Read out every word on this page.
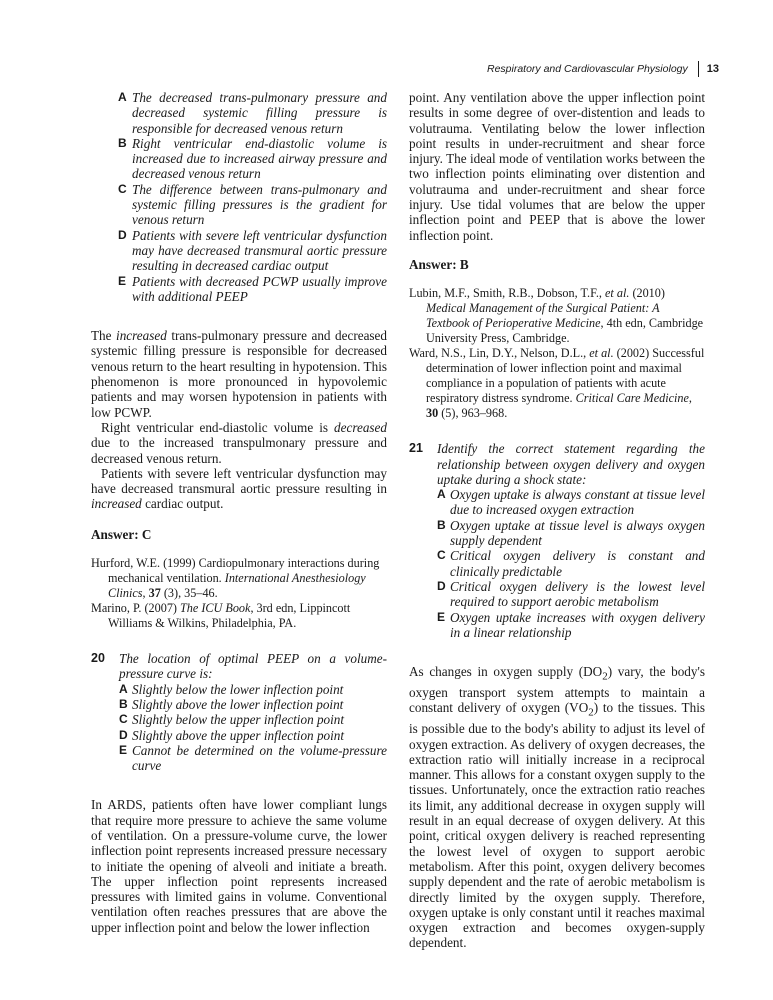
Respiratory and Cardiovascular Physiology 13
A The decreased trans-pulmonary pressure and decreased systemic filling pressure is responsible for decreased venous return
B Right ventricular end-diastolic volume is increased due to increased airway pressure and decreased venous return
C The difference between trans-pulmonary and systemic filling pressures is the gradient for venous return
D Patients with severe left ventricular dysfunction may have decreased transmural aortic pressure resulting in decreased cardiac output
E Patients with decreased PCWP usually improve with additional PEEP

The increased trans-pulmonary pressure and decreased systemic filling pressure is responsible for decreased venous return to the heart resulting in hypotension. This phenomenon is more pronounced in hypovolemic patients and may worsen hypotension in patients with low PCWP.

Right ventricular end-diastolic volume is decreased due to the increased transpulmonary pressure and decreased venous return.

Patients with severe left ventricular dysfunction may have decreased transmural aortic pressure resulting in increased cardiac output.

Answer: C

Hurford, W.E. (1999) Cardiopulmonary interactions during mechanical ventilation. International Anesthesiology Clinics, 37 (3), 35–46.

Marino, P. (2007) The ICU Book, 3rd edn, Lippincott Williams & Wilkins, Philadelphia, PA.

20	The location of optimal PEEP on a volume-pressure curve is:
A Slightly below the lower inflection point
B Slightly above the lower inflection point
C Slightly below the upper inflection point
D Slightly above the upper inflection point
E Cannot be determined on the volume-pressure curve

In ARDS, patients often have lower compliant lungs that require more pressure to achieve the same volume of ventilation. On a pressure-volume curve, the lower inflection point represents increased pressure necessary to initiate the opening of alveoli and initiate a breath. The upper inflection point represents increased pressures with limited gains in volume. Conventional ventilation often reaches pressures that are above the upper inflection point and below the lower inflection

point. Any ventilation above the upper inflection point results in some degree of over-distention and leads to volutrauma. Ventilating below the lower inflection point results in under-recruitment and shear force injury. The ideal mode of ventilation works between the two inflection points eliminating over distention and volutrauma and under-recruitment and shear force injury. Use tidal volumes that are below the upper inflection point and PEEP that is above the lower inflection point.

Answer: B

Lubin, M.F., Smith, R.B., Dobson, T.F., et al. (2010) Medical Management of the Surgical Patient: A Textbook of Perioperative Medicine, 4th edn, Cambridge University Press, Cambridge.

Ward, N.S., Lin, D.Y., Nelson, D.L., et al. (2002) Successful determination of lower inflection point and maximal compliance in a population of patients with acute respiratory distress syndrome. Critical Care Medicine, 30 (5), 963–968.

21	Identify the correct statement regarding the relationship between oxygen delivery and oxygen uptake during a shock state:
A Oxygen uptake is always constant at tissue level due to increased oxygen extraction
B Oxygen uptake at tissue level is always oxygen supply dependent
C Critical oxygen delivery is constant and clinically predictable
D Critical oxygen delivery is the lowest level required to support aerobic metabolism
E Oxygen uptake increases with oxygen delivery in a linear relationship

As changes in oxygen supply $(DO_2)$ vary, the body's oxygen transport system attempts to maintain a constant delivery of oxygen $(VO_2)$ to the tissues. This is possible due to the body's ability to adjust its level of oxygen extraction. As delivery of oxygen decreases, the extraction ratio will initially increase in a reciprocal manner. This allows for a constant oxygen supply to the tissues. Unfortunately, once the extraction ratio reaches its limit, any additional decrease in oxygen supply will result in an equal decrease of oxygen delivery. At this point, critical oxygen delivery is reached representing the lowest level of oxygen to support aerobic metabolism. After this point, oxygen delivery becomes supply dependent and the rate of aerobic metabolism is directly limited by the oxygen supply. Therefore, oxygen uptake is only constant until it reaches maximal oxygen extraction and becomes oxygen-supply dependent.
